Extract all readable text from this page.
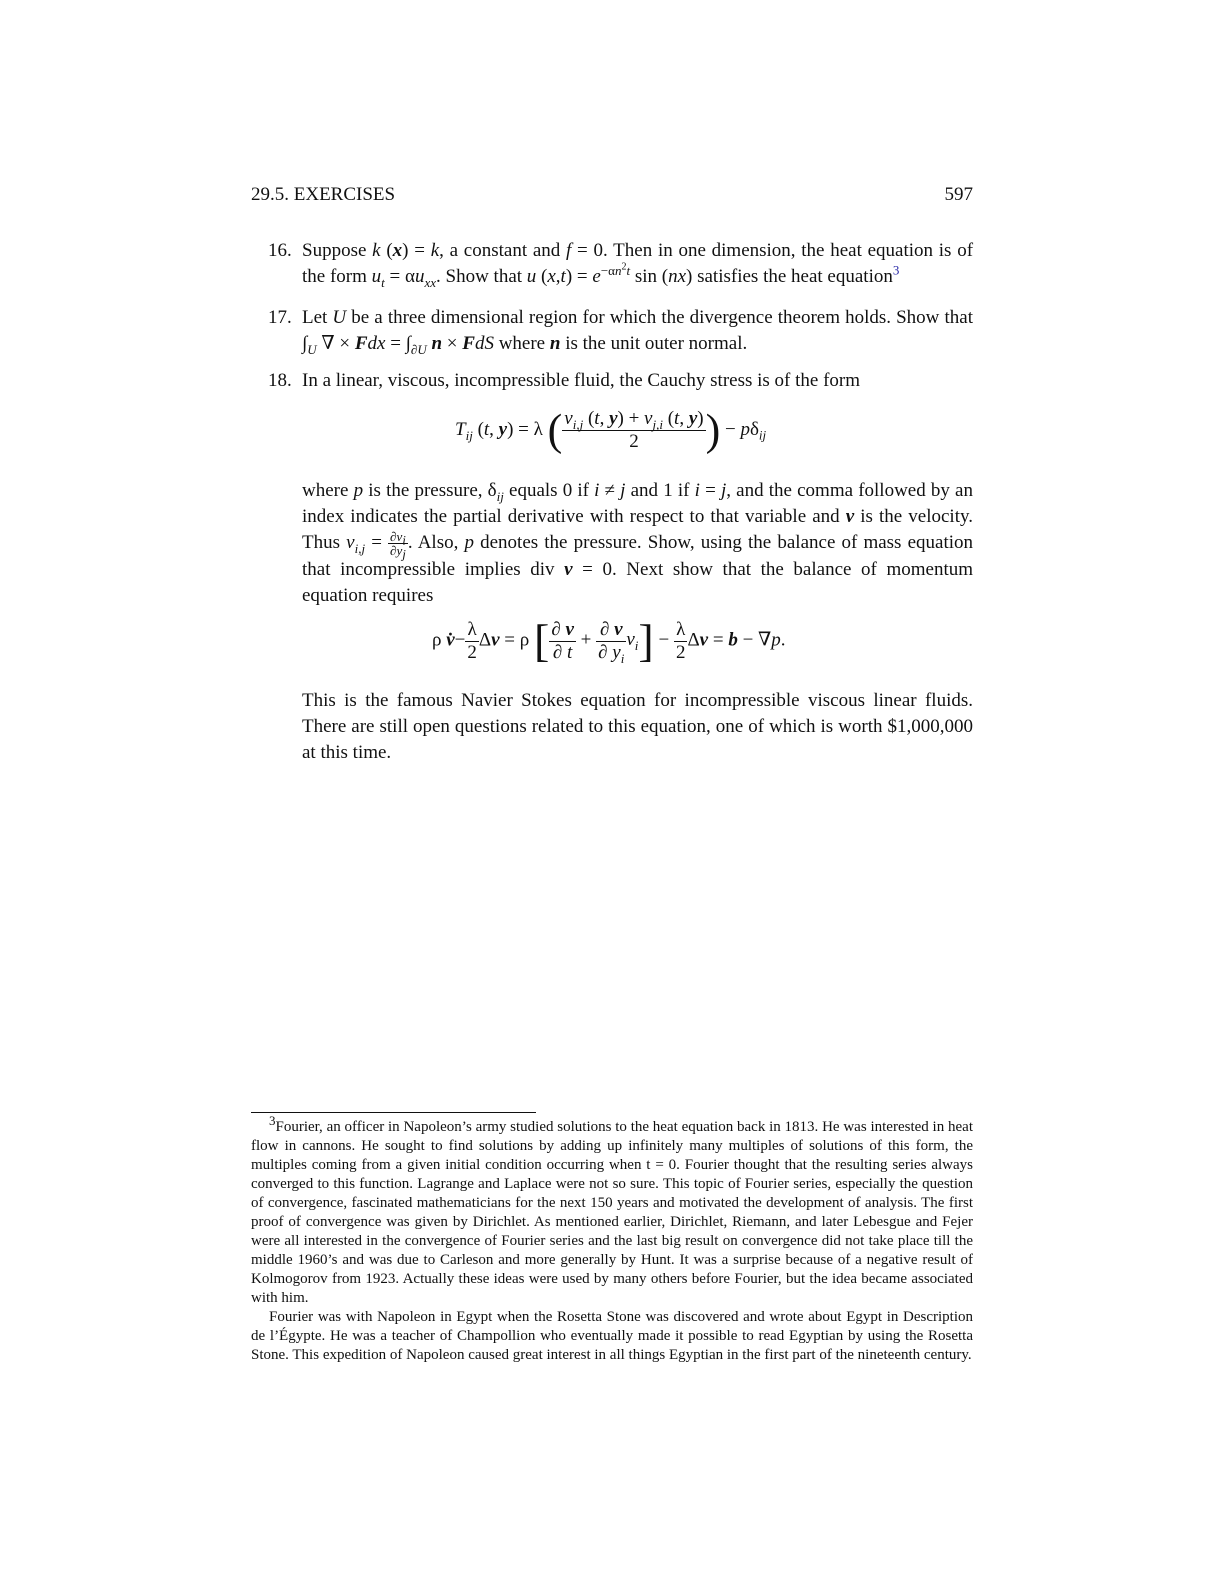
29.5. EXERCISES	597
16. Suppose k (x) = k, a constant and f = 0. Then in one dimension, the heat equation is of the form $u_t = \alpha u_{xx}$. Show that u $(x,t) = e^{-\alpha n^2t}$ sin (nx) satisfies the heat equation$^3$
17. Let U be a three dimensional region for which the divergence theorem holds. Show that $\int_U$ ∇ × Fdx = $\int_{\partial U}$ n × FdS where n is the unit outer normal.
18. In a linear, viscous, incompressible fluid, the Cauchy stress is of the form
$T_{ij}$ (t, y) = λ ( $\frac{v_{i,j} (t, y) + v_{j,i} (t, y)}{2}$ ) − $p\delta_{ij}$
where p is the pressure, $\delta_{ij}$ equals 0 if i ≠ j and 1 if i = j, and the comma followed by an index indicates the partial derivative with respect to that variable and v is the velocity. Thus $v_{i,j} = \frac{\partial v_i}{\partial y_j}$ . Also, p denotes the pressure. Show, using the balance of mass equation that incompressible implies div v = 0. Next show that the balance of momentum equation requires
ρ v̇− $\frac{\lambda}{2}$ Δv = ρ [ $\frac{\partial v}{\partial t} + \frac{\partial v}{\partial y_i} v_i] - \frac{\lambda}{2}$ Δv = b − ∇p.
This is the famous Navier Stokes equation for incompressible viscous linear fluids. There are still open questions related to this equation, one of which is worth $1,000,000 at this time.
$^3$Fourier, an officer in Napoleon’s army studied solutions to the heat equation back in 1813. He was interested in heat flow in cannons. He sought to find solutions by adding up infinitely many multiples of solutions of this form, the multiples coming from a given initial condition occurring when t = 0. Fourier thought that the resulting series always converged to this function. Lagrange and Laplace were not so sure. This topic of Fourier series, especially the question of convergence, fascinated mathematicians for the next 150 years and motivated the development of analysis. The first proof of convergence was given by Dirichlet. As mentioned earlier, Dirichlet, Riemann, and later Lebesgue and Fejer were all interested in the convergence of Fourier series and the last big result on convergence did not take place till the middle 1960’s and was due to Carleson and more generally by Hunt. It was a surprise because of a negative result of Kolmogorov from 1923. Actually these ideas were used by many others before Fourier, but the idea became associated with him.
Fourier was with Napoleon in Egypt when the Rosetta Stone was discovered and wrote about Egypt in Description de l’Égypte. He was a teacher of Champollion who eventually made it possible to read Egyptian by using the Rosetta Stone. This expedition of Napoleon caused great interest in all things Egyptian in the first part of the nineteenth century.
